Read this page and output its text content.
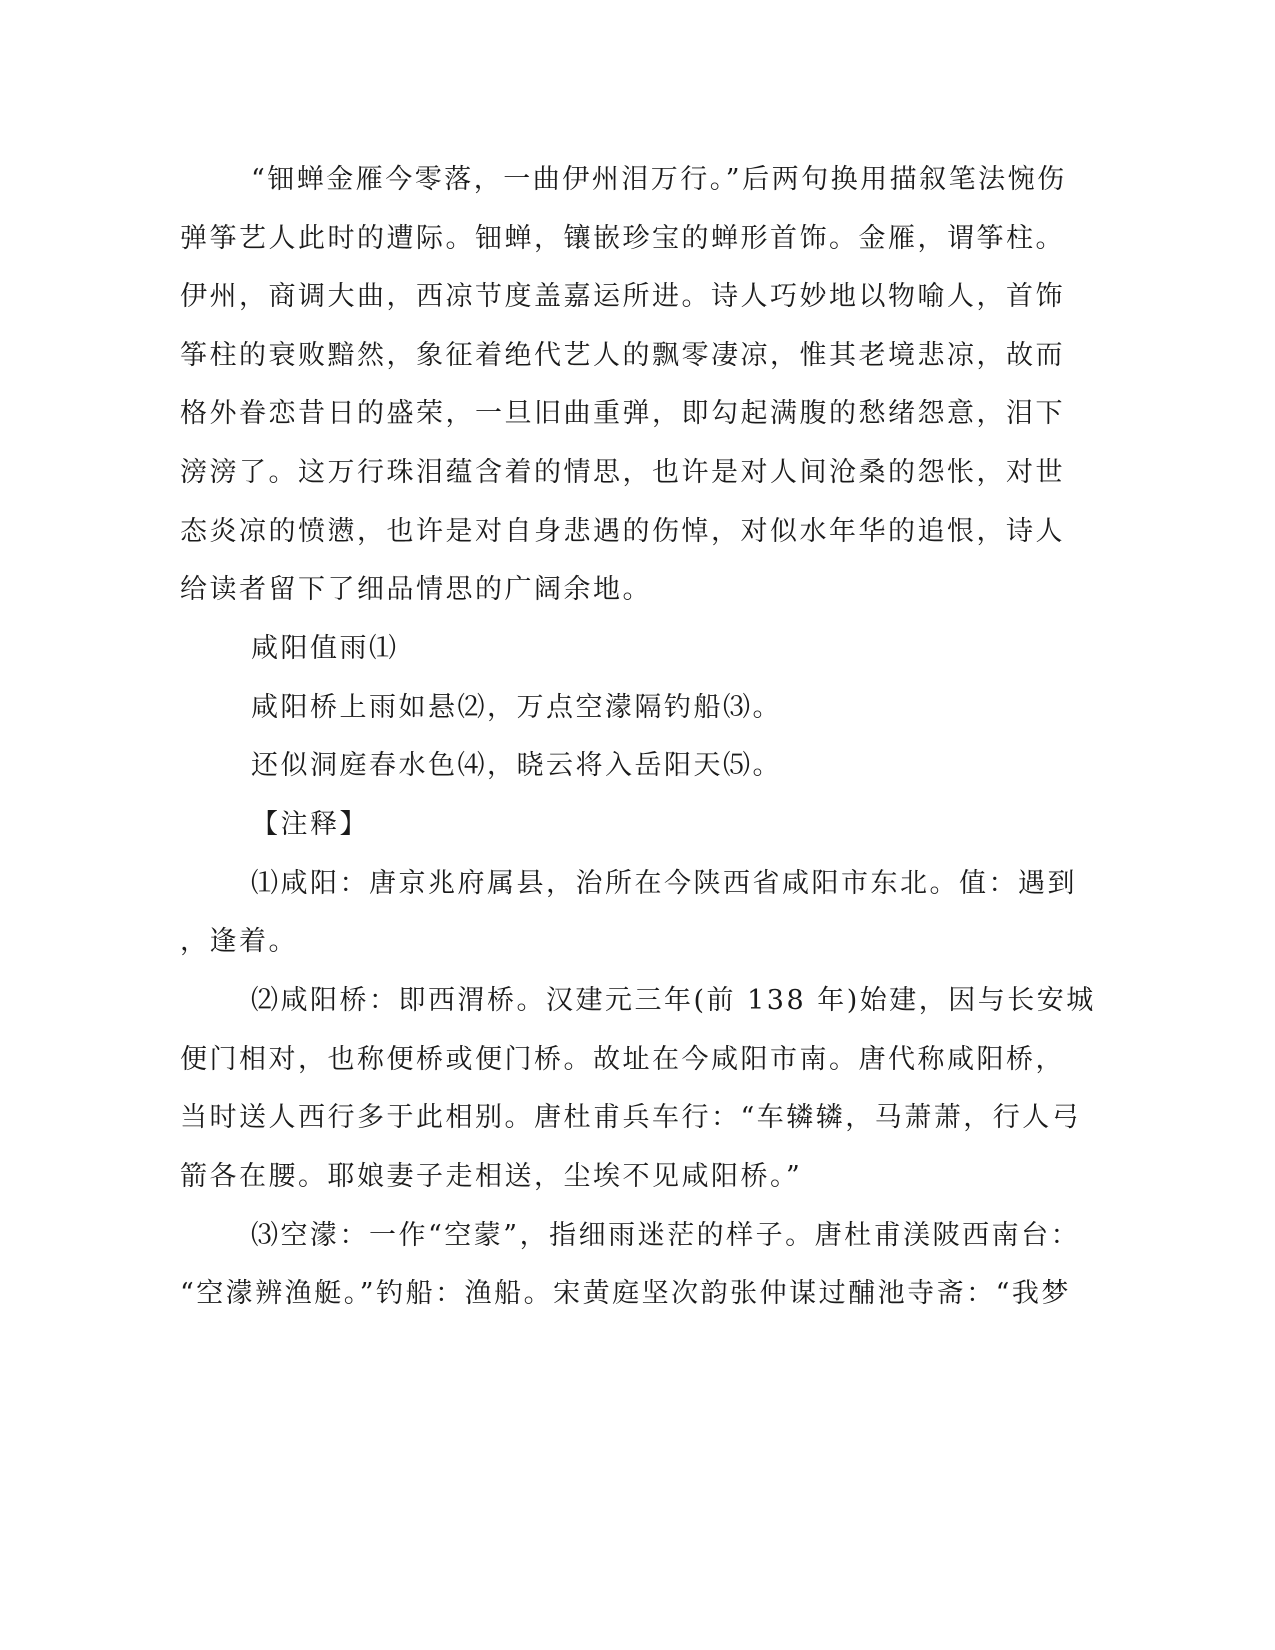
“钿蝉金雁今零落，一曲伊州泪万行。”后两句换用描叙笔法惋伤

弹筝艺人此时的遭际。钿蝉，镶嵌珍宝的蝉形首饰。金雁，谓筝柱。

伊州，商调大曲，西凉节度盖嘉运所进。诗人巧妙地以物喻人，首饰

筝柱的衰败黯然，象征着绝代艺人的飘零凄凉，惟其老境悲凉，故而

格外眷恋昔日的盛荣，一旦旧曲重弹，即勾起满腹的愁绪怨意，泪下

滂滂了。这万行珠泪蕴含着的情思，也许是对人间沧桑的怨怅，对世

态炎凉的愤懑，也许是对自身悲遇的伤悼，对似水年华的追恨，诗人

给读者留下了细品情思的广阔余地。

咸阳值雨⑴

咸阳桥上雨如悬⑵，万点空濛隔钓船⑶。

还似洞庭春水色⑷，晓云将入岳阳天⑸。

【注释】

⑴咸阳：唐京兆府属县，治所在今陕西省咸阳市东北。值：遇到

，逢着。

⑵咸阳桥：即西渭桥。汉建元三年(前 138 年)始建，因与长安城

便门相对，也称便桥或便门桥。故址在今咸阳市南。唐代称咸阳桥，

当时送人西行多于此相别。唐杜甫兵车行：“车辚辚，马萧萧，行人弓

箭各在腰。耶娘妻子走相送，尘埃不见咸阳桥。”

⑶空濛：一作“空蒙”，指细雨迷茫的样子。唐杜甫渼陂西南台：

“空濛辨渔艇。”钓船：渔船。宋黄庭坚次韵张仲谋过酺池寺斋：“我梦
